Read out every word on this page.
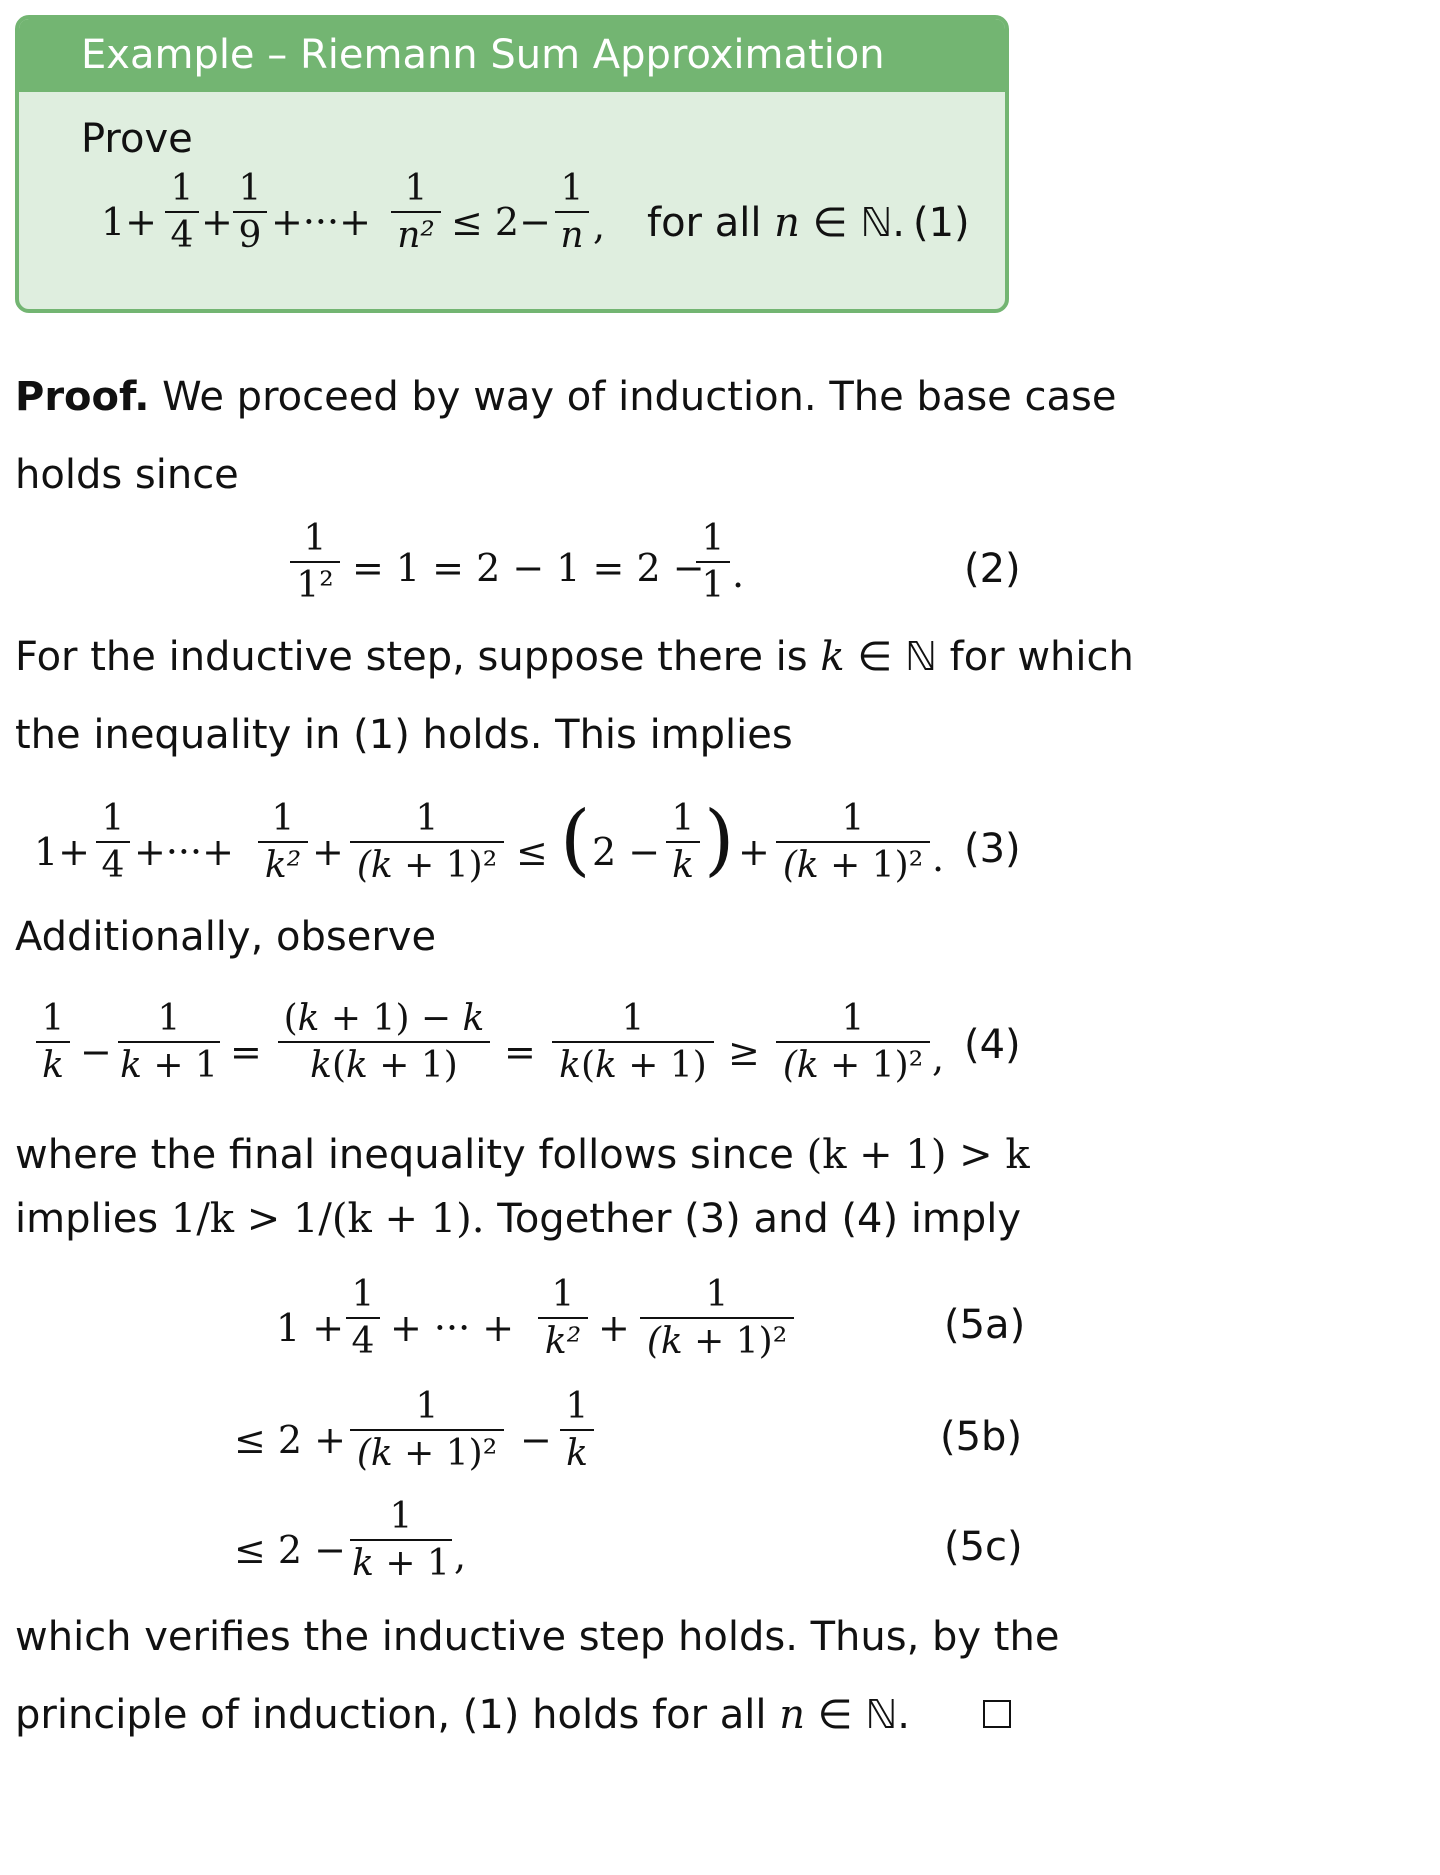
Example – Riemann Sum Approximation
Prove
1+
1
4 +
1
9 +···+
1
n² ≤ 2−
1
n , for all n ∈ ℕ. (1)
Proof. We proceed by way of induction. The base case
holds since
1
1² = 1 = 2 − 1 = 2 −
1
1 .	(2)
For the inductive step, suppose there is k ∈ ℕ for which
the inequality in (1) holds. This implies
1+
1
4 +···+
1
k² +
1
(k + 1)² ≤ ( 2 −
1
k ) +
1
(k + 1)² . (3)
Additionally, observe
1
k −
1
k + 1 =
(k + 1) − k
k(k + 1)	=
1
k(k + 1) ≥
1
(k + 1)² , (4)
where the final inequality follows since (k + 1) > k
implies 1/k > 1/(k + 1). Together (3) and (4) imply
1 +
1
4 + ··· +
1
k² +
1
(k + 1)²	(5a)
≤ 2 +
1
(k + 1)² −
1
k	(5b)
≤ 2 −
1
k + 1 ,	(5c)
which verifies the inductive step holds. Thus, by the
principle of induction, (1) holds for all n ∈ ℕ.
